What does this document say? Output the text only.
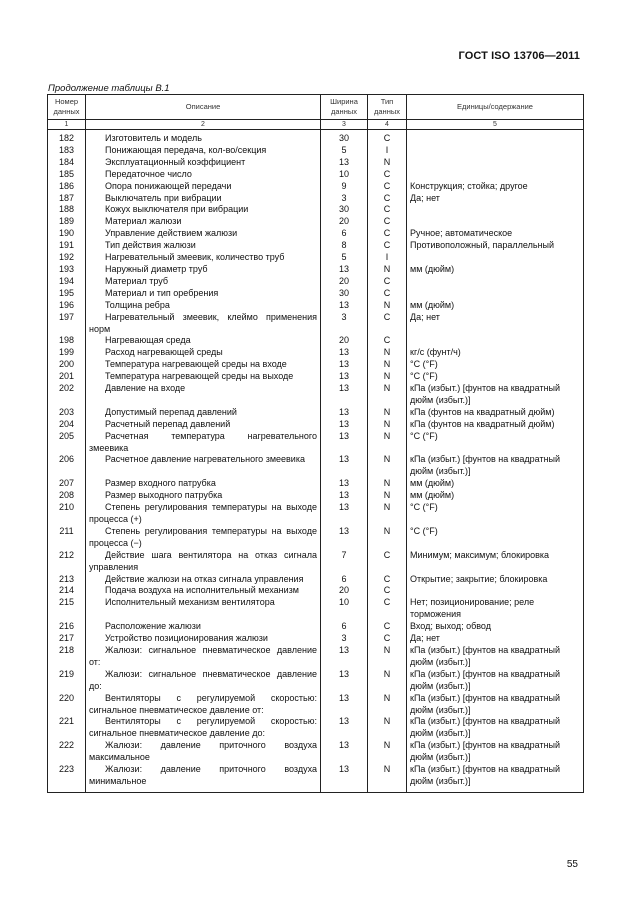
ГОСТ ISO 13706—2011
Продолжение таблицы В.1
Номер данных	Описание	Ширина данных	Тип данных	Единицы/содержание
1	2	3	4	5
182	Изготовитель и модель	30	C	
183	Понижающая передача, кол-во/секция	5	I	
184	Эксплуатационный коэффициент	13	N	
185	Передаточное число	10	C	
186	Опора понижающей передачи	9	C	Конструкция; стойка; другое
187	Выключатель при вибрации	3	C	Да; нет
188	Кожух выключателя при вибрации	30	C	
189	Материал жалюзи	20	C	
190	Управление действием жалюзи	6	C	Ручное; автоматическое
191	Тип действия жалюзи	8	C	Противоположный, параллельный
192	Нагревательный змеевик, количество труб	5	I	
193	Наружный диаметр труб	13	N	мм (дюйм)
194	Материал труб	20	C	
195	Материал и тип оребрения	30	C	
196	Толщина ребра	13	N	мм (дюйм)
197	Нагревательный змеевик, клеймо применения норм	3	C	Да; нет
198	Нагревающая среда	20	C	
199	Расход нагревающей среды	13	N	кг/с (фунт/ч)
200	Температура нагревающей среды на входе	13	N	°C (°F)
201	Температура нагревающей среды на выходе	13	N	°C (°F)
202	Давление на входе	13	N	кПа (избыт.) [фунтов на квадратный дюйм (избыт.)]
203	Допустимый перепад давлений	13	N	кПа (фунтов на квадратный дюйм)
204	Расчетный перепад давлений	13	N	кПа (фунтов на квадратный дюйм)
205	Расчетная температура нагревательного змеевика	13	N	°C (°F)
206	Расчетное давление нагревательного змеевика	13	N	кПа (избыт.) [фунтов на квадратный дюйм (избыт.)]
207	Размер входного патрубка	13	N	мм (дюйм)
208	Размер выходного патрубка	13	N	мм (дюйм)
210	Степень регулирования температуры на выходе процесса (+)	13	N	°C (°F)
211	Степень регулирования температуры на выходе процесса (−)	13	N	°C (°F)
212	Действие шага вентилятора на отказ сигнала управления	7	C	Минимум; максимум; блокировка
213	Действие жалюзи на отказ сигнала управления	6	C	Открытие; закрытие; блокировка
214	Подача воздуха на исполнительный механизм	20	C	
215	Исполнительный механизм вентилятора	10	C	Нет; позиционирование; реле торможения
216	Расположение жалюзи	6	C	Вход; выход; обвод
217	Устройство позиционирования жалюзи	3	C	Да; нет
218	Жалюзи: сигнальное пневматическое давление от:	13	N	кПа (избыт.) [фунтов на квадратный дюйм (избыт.)]
219	Жалюзи: сигнальное пневматическое давление до:	13	N	кПа (избыт.) [фунтов на квадратный дюйм (избыт.)]
220	Вентиляторы с регулируемой скоростью: сигнальное пневматическое давление от:	13	N	кПа (избыт.) [фунтов на квадратный дюйм (избыт.)]
221	Вентиляторы с регулируемой скоростью: сигнальное пневматическое давление до:	13	N	кПа (избыт.) [фунтов на квадратный дюйм (избыт.)]
222	Жалюзи: давление приточного воздуха максимальное	13	N	кПа (избыт.) [фунтов на квадратный дюйм (избыт.)]
223	Жалюзи: давление приточного воздуха минимальное	13	N	кПа (избыт.) [фунтов на квадратный дюйм (избыт.)]
55
